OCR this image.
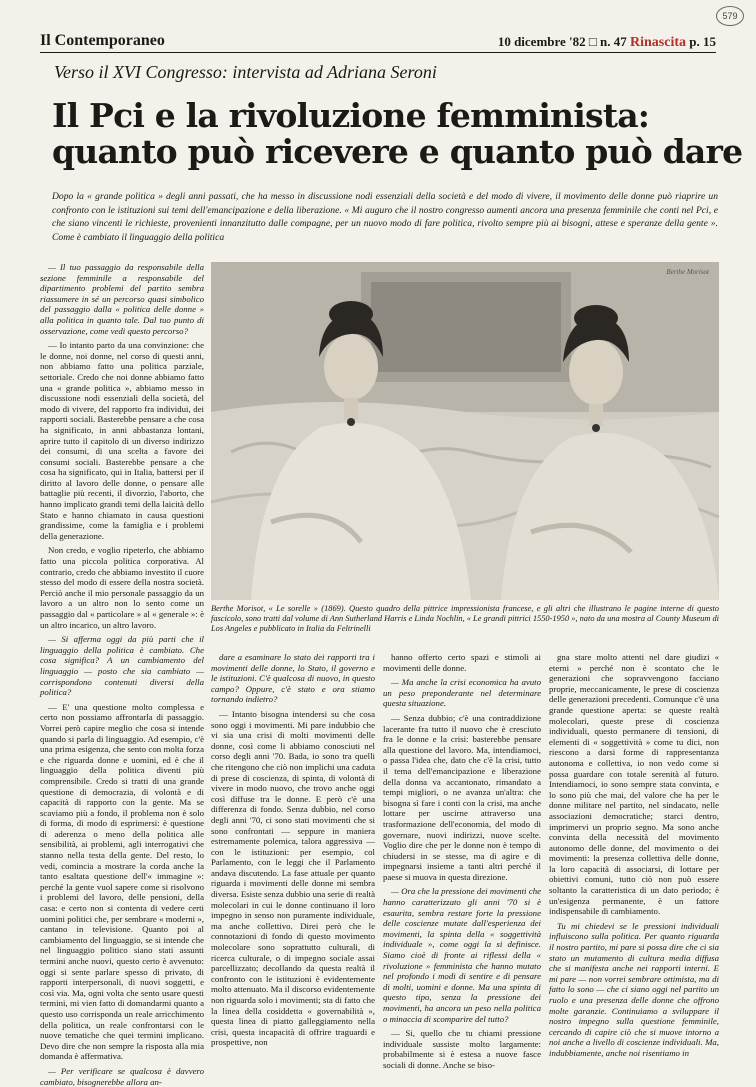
579
Il Contemporaneo	10 dicembre '82 □ n. 47 Rinascita p. 15
Verso il XVI Congresso: intervista ad Adriana Seroni
Il Pci e la rivoluzione femminista:
quanto può ricevere e quanto può dare
Dopo la « grande politica » degli anni passati, che ha messo in discussione nodi essenziali della società e del modo di vivere, il movimento delle donne può riaprire un confronto con le istituzioni sui temi dell'emancipazione e della liberazione. « Mi auguro che il nostro congresso aumenti ancora una presenza femminile che conti nel Pci, e che siano vincenti le richieste, provenienti innanzitutto dalle compagne, per un nuovo modo di fare politica, rivolto sempre più ai bisogni, attese e speranze della gente ». Come è cambiato il linguaggio della politica

— Il tuo passaggio da responsabile della sezione femminile a responsabile del dipartimento problemi del partito sembra riassumere in sé un percorso quasi simbolico del passaggio dalla « politica delle donne » alla politica in quanto tale. Dal tuo punto di osservazione, come vedi questo percorso?

— Io intanto parto da una convinzione: che le donne, noi donne, nel corso di questi anni, non abbiamo fatto una politica parziale, settoriale. Credo che noi donne abbiamo fatto una « grande politica », abbiamo messo in discussione nodi essenziali della società, del modo di vivere, del rapporto fra individui, dei rapporti sociali. Basterebbe pensare a che cosa ha significato, in anni abbastanza lontani, aprire tutto il capitolo di un diverso indirizzo dei consumi, di una scelta a favore dei consumi sociali. Basterebbe pensare a che cosa ha significato, qui in Italia, battersi per il diritto al lavoro delle donne, o pensare alle battaglie più recenti, il divorzio, l'aborto, che hanno implicato grandi temi della laicità dello Stato e hanno chiamato in causa questioni grandissime, come la famiglia e i problemi della generazione.

Non credo, e voglio ripeterlo, che abbiamo fatto una piccola politica corporativa. Al contrario, credo che abbiamo investito il cuore stesso del modo di essere della nostra società. Perciò anche il mio personale passaggio da un lavoro a un altro non lo sento come un passaggio dal « particolare » al « generale »: è un altro incarico, un altro lavoro.

— Si afferma oggi da più parti che il linguaggio della politica è cambiato. Che cosa significa? A un cambiamento del linguaggio — posto che sia cambiato — corrispondono contenuti diversi della politica?

— E' una questione molto complessa e certo non possiamo affrontarla di passaggio. Vorrei però capire meglio che cosa si intende quando si parla di linguaggio. Ad esempio, c'è una prima esigenza, che sento con molta forza e che riguarda donne e uomini, ed è che il linguaggio della politica diventi più comprensibile. Credo si tratti di una grande questione di democrazia, di volontà e di capacità di rapporto con la gente. Ma se scaviamo più a fondo, il problema non è solo di forma, di modo di esprimersi: è questione di aderenza o meno della politica alle sensibilità, ai problemi, agli interrogativi che stanno nella testa della gente. Del resto, lo vedi, comincia a mostrare la corda anche la tanto esaltata questione dell'« immagine »: perché la gente vuol sapere come si risolvono i problemi del lavoro, delle pensioni, della casa: e certo non si contenta di vedere certi uomini politici che, per sembrare « moderni », cantano in televisione. Quanto poi al cambiamento del linguaggio, se si intende che nel linguaggio politico siano stati assunti termini anche nuovi, questo certo è avvenuto: oggi si sente parlare spesso di privato, di rapporti interpersonali, di nuovi soggetti, e così via. Ma, ogni volta che sento usare questi termini, mi vien fatto di domandarmi quanto a questo uso corrisponda un reale arricchimento della politica, un reale confrontarsi con le nuove tematiche che quei termini implicano. Devo dire che non sempre la risposta alla mia domanda è affermativa.

— Per verificare se qualcosa è davvero cambiato, bisognerebbe allora an-

Berthe Morisot
Berthe Morisot, « Le sorelle » (1869). Questo quadro della pittrice impressionista francese, e gli altri che illustrano le pagine interne di questo fascicolo, sono tratti dal volume di Ann Sutherland Harris e Linda Nochlin, « Le grandi pittrici 1550-1950 », nato da una mostra al County Museum di Los Angeles e pubblicato in Italia da Feltrinelli

dare a esaminare lo stato dei rapporti tra i movimenti delle donne, lo Stato, il governo e le istituzioni. C'è qualcosa di nuovo, in questo campo? Oppure, c'è stato e ora stiamo tornando indietro?

— Intanto bisogna intendersi su che cosa sono oggi i movimenti. Mi pare indubbio che vi sia una crisi di molti movimenti delle donne, così come li abbiamo conosciuti nel corso degli anni '70. Bada, io sono tra quelli che ritengono che ciò non implichi una caduta di prese di coscienza, di spinta, di volontà di vivere in modo nuovo, che trovo anche oggi così diffuse tra le donne. E però c'è una differenza di fondo. Senza dubbio, nel corso degli anni '70, ci sono stati movimenti che si sono confrontati — seppure in maniera estremamente polemica, talora aggressiva — con le istituzioni: per esempio, col Parlamento, con le leggi che il Parlamento andava discutendo. La fase attuale per quanto riguarda i movimenti delle donne mi sembra diversa. Esiste senza dubbio una serie di realtà molecolari in cui le donne continuano il loro impegno in senso non puramente individuale, ma anche collettivo. Direi però che le connotazioni di fondo di questo movimento molecolare sono soprattutto culturali, di ricerca culturale, o di impegno sociale assai parcellizzato; decollando da questa realtà il confronto con le istituzioni è evidentemente molto attenuato. Ma il discorso evidentemente non riguarda solo i movimenti; sta di fatto che la linea della cosiddetta « governabilità », questa linea di piatto galleggiamento nella crisi, questa incapacità di offrire traguardi e prospettive, non

hanno offerto certo spazi e stimoli ai movimenti delle donne.

— Ma anche la crisi economica ha avuto un peso preponderante nel determinare questa situazione.

— Senza dubbio; c'è una contraddizione lacerante fra tutto il nuovo che è cresciuto fra le donne e la crisi: basterebbe pensare alla questione del lavoro. Ma, intendiamoci, o passa l'idea che, dato che c'è la crisi, tutto il tema dell'emancipazione e liberazione della donna va accantonato, rimandato a tempi migliori, o ne avanza un'altra: che bisogna sì fare i conti con la crisi, ma anche lottare per uscirne attraverso una trasformazione dell'economia, del modo di governare, nuovi indirizzi, nuove scelte. Voglio dire che per le donne non è tempo di chiudersi in se stesse, ma di agire e di impegnarsi insieme a tanti altri perché il paese si muova in questa direzione.

— Ora che la pressione dei movimenti che hanno caratterizzato gli anni '70 si è esaurita, sembra restare forte la pressione delle coscienze mutate dall'esperienza dei movimenti, la spinta della « soggettività individuale », come oggi la si definisce. Siamo cioè di fronte ai riflessi della « rivoluzione » femminista che hanno mutato nel profondo i modi di sentire e di pensare di molti, uomini e donne. Ma una spinta di questo tipo, senza la pressione dei movimenti, ha ancora un peso nella politica o minaccia di scomparire del tutto?

— Si, quello che tu chiami pressione individuale sussiste molto largamente: probabilmente si è estesa a nuove fasce sociali di donne. Anche se biso-

gna stare molto attenti nel dare giudizi « eterni » perché non è scontato che le generazioni che sopravvengono facciano proprie, meccanicamente, le prese di coscienza delle generazioni precedenti. Comunque c'è una grande questione aperta: se queste realtà molecolari, queste prese di coscienza individuali, questo permanere di tensioni, di elementi di « soggettività » come tu dici, non riescono a darsi forme di rappresentanza autonoma e collettiva, io non vedo come si possa guardare con totale serenità al futuro. Intendiamoci, io sono sempre stata convinta, e lo sono più che mai, del valore che ha per le donne militare nel partito, nel sindacato, nelle associazioni democratiche; starci dentro, imprimervi un proprio segno. Ma sono anche convinta della necessità del movimento autonomo delle donne, del movimento o dei movimenti: la presenza collettiva delle donne, la loro capacità di associarsi, di lottare per obiettivi comuni, tutto ciò non può essere soltanto la caratteristica di un dato periodo; è un'esigenza permanente, è un fattore indispensabile di cambiamento.

Tu mi chiedevi se le pressioni individuali influiscono sulla politica. Per quanto riguarda il nostro partito, mi pare si possa dire che ci sia stato un mutamento di cultura media diffusa che si manifesta anche nei rapporti interni. E mi pare — non vorrei sembrare ottimista, ma di fatto lo sono — che ci siano oggi nel partito un ruolo e una presenza delle donne che offrono molte garanzie. Continuiamo a sviluppare il nostro impegno sulla questione femminile, cercando di capire ciò che si muove intorno a noi anche a livello di coscienze individuali. Ma, indubbiamente, anche noi risentiamo in
